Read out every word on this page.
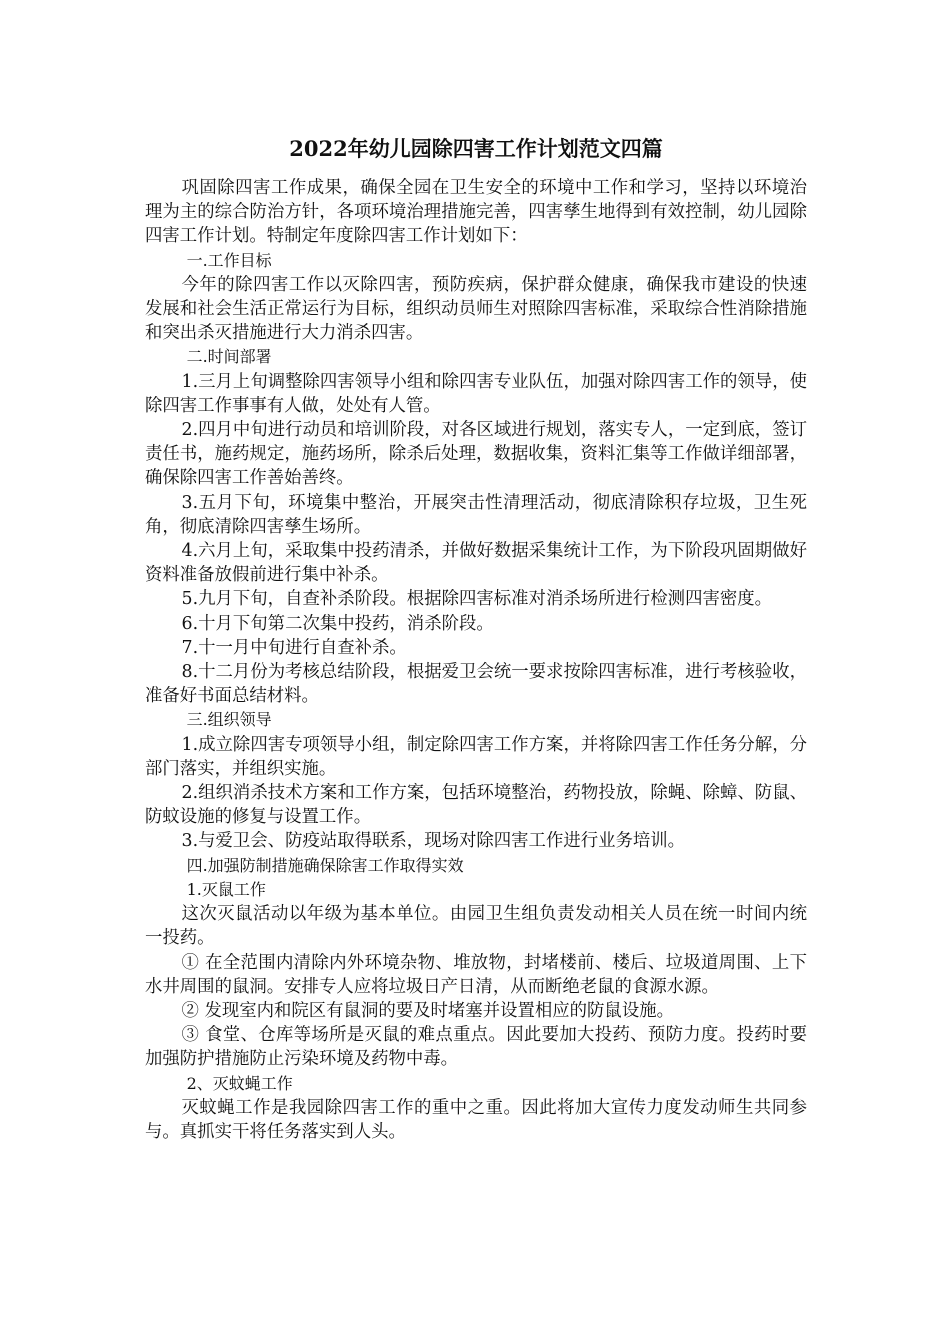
2022年幼儿园除四害工作计划范文四篇

巩固除四害工作成果，确保全园在卫生安全的环境中工作和学习，坚持以环境治理为主的综合防治方针，各项环境治理措施完善，四害孳生地得到有效控制，幼儿园除四害工作计划。特制定年度除四害工作计划如下：

一.工作目标

今年的除四害工作以灭除四害，预防疾病，保护群众健康，确保我市建设的快速发展和社会生活正常运行为目标，组织动员师生对照除四害标准，采取综合性消除措施和突出杀灭措施进行大力消杀四害。

二.时间部署

1.三月上旬调整除四害领导小组和除四害专业队伍，加强对除四害工作的领导，使除四害工作事事有人做，处处有人管。

2.四月中旬进行动员和培训阶段，对各区域进行规划，落实专人，一定到底，签订责任书，施药规定，施药场所，除杀后处理，数据收集，资料汇集等工作做详细部署，确保除四害工作善始善终。

3.五月下旬，环境集中整治，开展突击性清理活动，彻底清除积存垃圾，卫生死角，彻底清除四害孳生场所。

4.六月上旬，采取集中投药清杀，并做好数据采集统计工作，为下阶段巩固期做好资料准备放假前进行集中补杀。

5.九月下旬，自查补杀阶段。根据除四害标准对消杀场所进行检测四害密度。

6.十月下旬第二次集中投药，消杀阶段。

7.十一月中旬进行自查补杀。

8.十二月份为考核总结阶段，根据爱卫会统一要求按除四害标准，进行考核验收，准备好书面总结材料。

三.组织领导

1.成立除四害专项领导小组，制定除四害工作方案，并将除四害工作任务分解，分部门落实，并组织实施。

2.组织消杀技术方案和工作方案，包括环境整治，药物投放，除蝇、除蟑、防鼠、防蚊设施的修复与设置工作。

3.与爱卫会、防疫站取得联系，现场对除四害工作进行业务培训。

四.加强防制措施确保除害工作取得实效

1.灭鼠工作

这次灭鼠活动以年级为基本单位。由园卫生组负责发动相关人员在统一时间内统一投药。

① 在全范围内清除内外环境杂物、堆放物，封堵楼前、楼后、垃圾道周围、上下水井周围的鼠洞。安排专人应将垃圾日产日清，从而断绝老鼠的食源水源。

② 发现室内和院区有鼠洞的要及时堵塞并设置相应的防鼠设施。

③ 食堂、仓库等场所是灭鼠的难点重点。因此要加大投药、预防力度。投药时要加强防护措施防止污染环境及药物中毒。

2、灭蚊蝇工作

灭蚊蝇工作是我园除四害工作的重中之重。因此将加大宣传力度发动师生共同参与。真抓实干将任务落实到人头。
